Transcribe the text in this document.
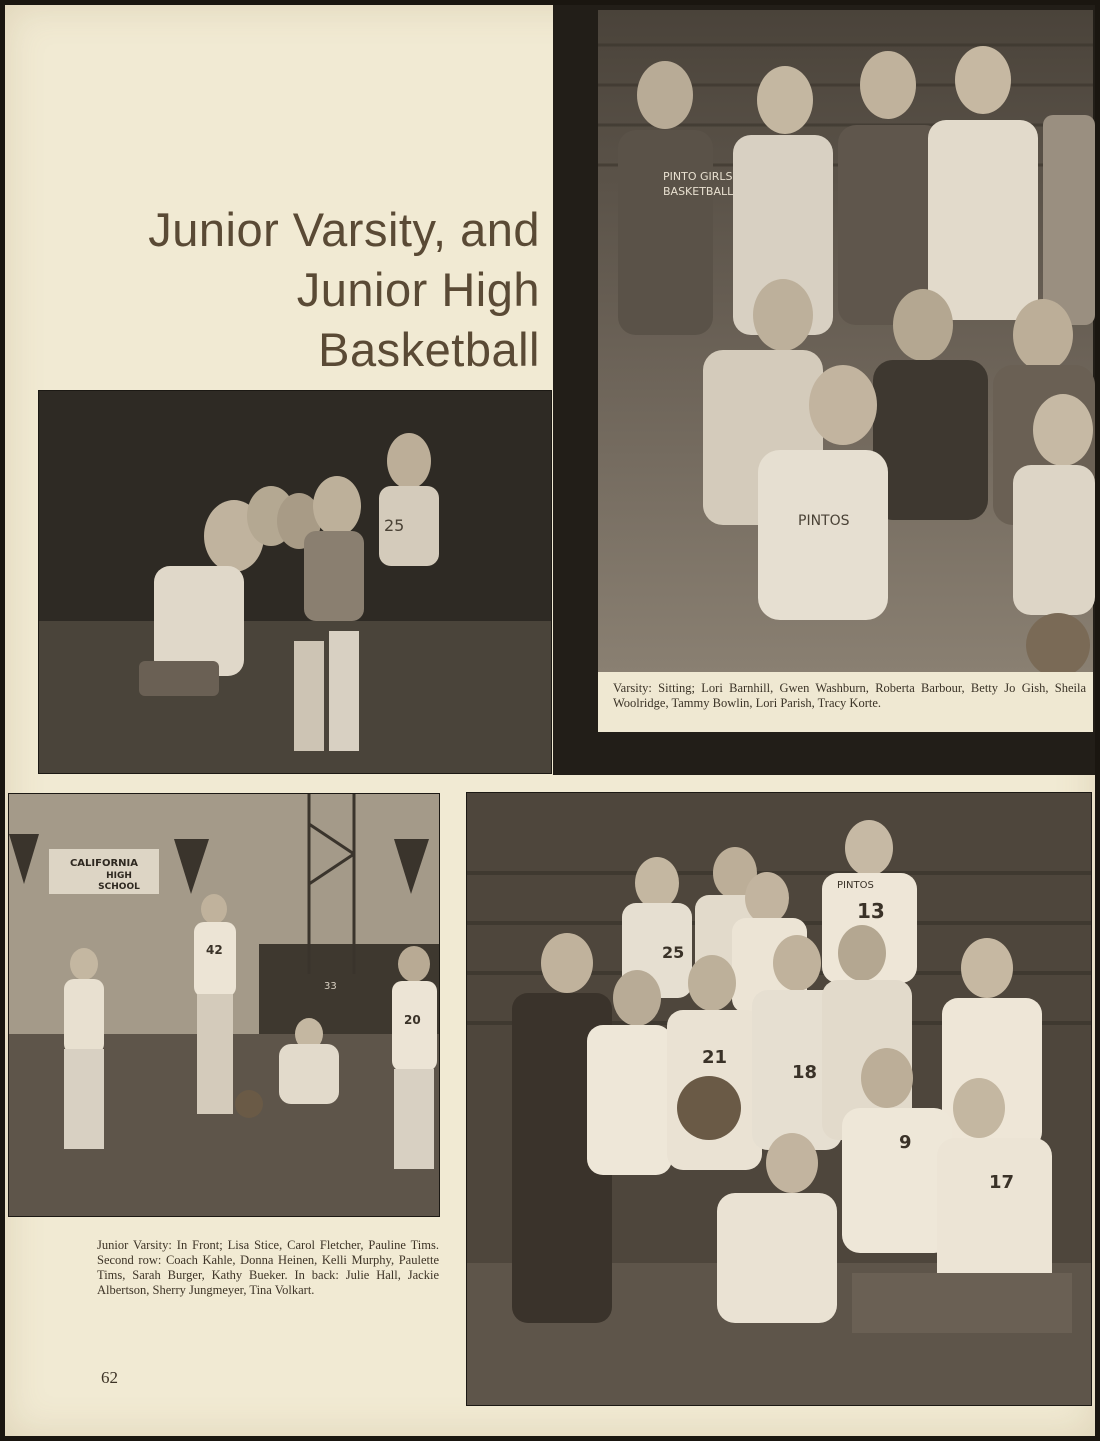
Junior Varsity, and
Junior High
Basketball
PINTO GIRLS
BASKETBALL
PINTOS
Varsity: Sitting; Lori Barnhill, Gwen Washburn, Roberta Barbour, Betty Jo Gish, Sheila Woolridge, Tammy Bowlin, Lori Parish, Tracy Korte.
25
CALIFORNIA
HIGH
SCHOOL
42
20
33
25
13
PINTOS
21
18
9
17
Junior Varsity: In Front; Lisa Stice, Carol Fletcher, Pauline Tims. Second row: Coach Kahle, Donna Heinen, Kelli Murphy, Paulette Tims, Sarah Burger, Kathy Bueker. In back: Julie Hall, Jackie Albertson, Sherry Jungmeyer, Tina Volkart.
62
